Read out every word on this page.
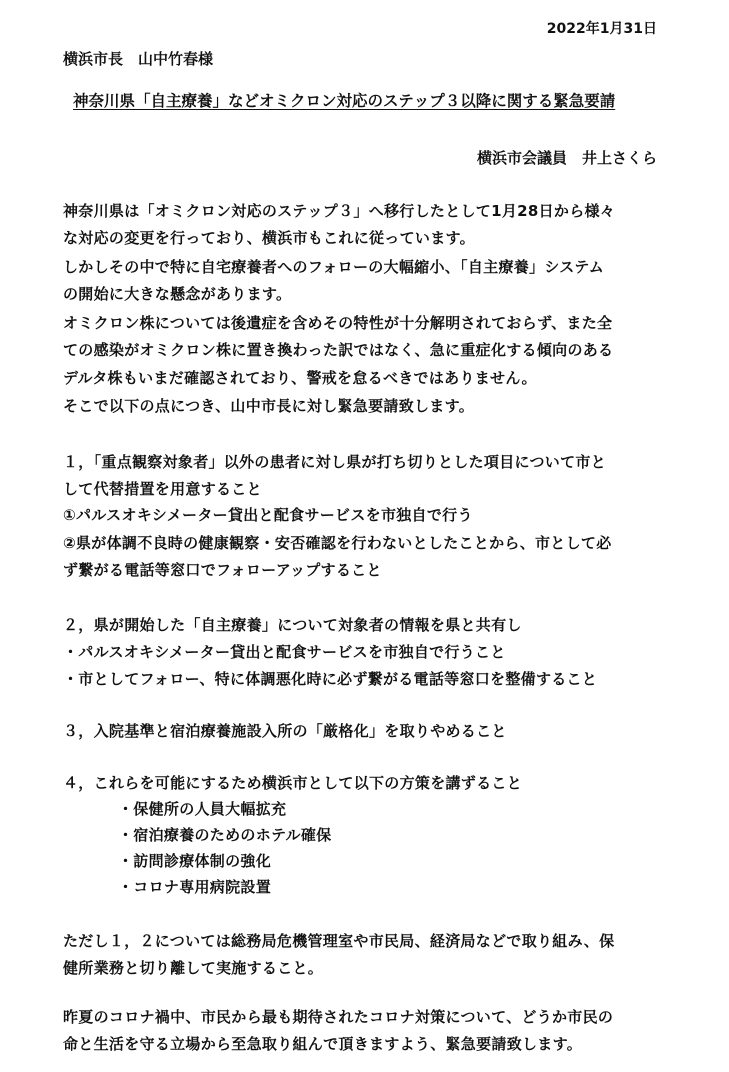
2022年1月31日
横浜市長　山中竹春様
神奈川県「自主療養」などオミクロン対応のステップ３以降に関する緊急要請
横浜市会議員　井上さくら
神奈川県は「オミクロン対応のステップ３」へ移行したとして1月28日から様々
な対応の変更を行っており、横浜市もこれに従っています。
しかしその中で特に自宅療養者へのフォローの大幅縮小、「自主療養」システム
の開始に大きな懸念があります。
オミクロン株については後遺症を含めその特性が十分解明されておらず、また全
ての感染がオミクロン株に置き換わった訳ではなく、急に重症化する傾向のある
デルタ株もいまだ確認されており、警戒を怠るべきではありません。
そこで以下の点につき、山中市長に対し緊急要請致します。
１，「重点観察対象者」以外の患者に対し県が打ち切りとした項目について市と
して代替措置を用意すること
①パルスオキシメーター貸出と配食サービスを市独自で行う
②県が体調不良時の健康観察・安否確認を行わないとしたことから、市として必
ず繋がる電話等窓口でフォローアップすること
２，県が開始した「自主療養」について対象者の情報を県と共有し
・パルスオキシメーター貸出と配食サービスを市独自で行うこと
・市としてフォロー、特に体調悪化時に必ず繋がる電話等窓口を整備すること
３，入院基準と宿泊療養施設入所の「厳格化」を取りやめること
４，これらを可能にするため横浜市として以下の方策を講ずること
・保健所の人員大幅拡充
・宿泊療養のためのホテル確保
・訪問診療体制の強化
・コロナ専用病院設置
ただし１，２については総務局危機管理室や市民局、経済局などで取り組み、保
健所業務と切り離して実施すること。
昨夏のコロナ禍中、市民から最も期待されたコロナ対策について、どうか市民の
命と生活を守る立場から至急取り組んで頂きますよう、緊急要請致します。
